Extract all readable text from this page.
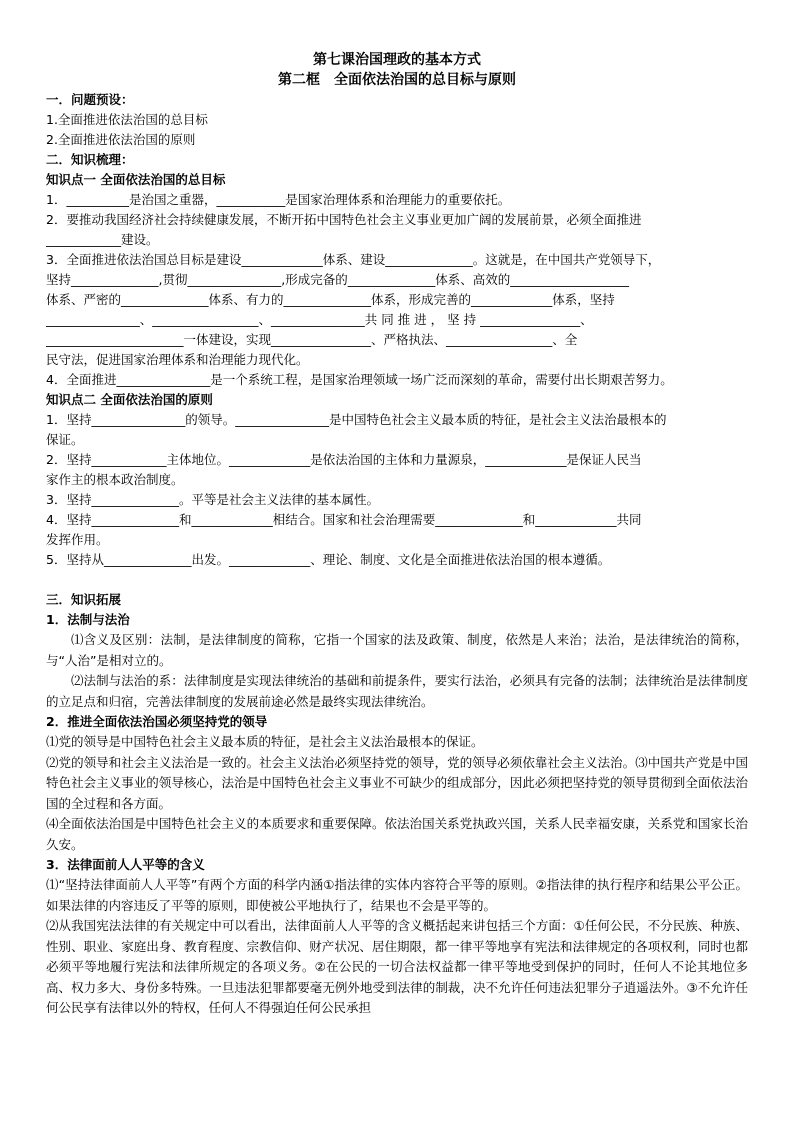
第七课治国理政的基本方式
第二框　全面依法治国的总目标与原则
一．问题预设：
1.全面推进依法治国的总目标
2.全面推进依法治国的原则
二．知识梳理：
知识点一 全面依法治国的总目标
1．__________是治国之重器，___________是国家治理体系和治理能力的重要依托。
2．要推动我国经济社会持续健康发展，不断开拓中国特色社会主义事业更加广阔的发展前景，必须全面推进
____________建设。
3．全面推进依法治国总目标是建设_____________体系、建设______________。这就是，在中国共产党领导下，
坚持______________,贯彻_______________,形成完备的______________体系、高效的___________________
体系、严密的______________体系、有力的______________体系，形成完善的_____________体系，坚持
_______________、_________________、_______________共 同 推 进 ， 坚 持 ________________、
______________________一体建设，实现________________、严格执法、_________________、全
民守法，促进国家治理体系和治理能力现代化。
4．全面推进_______________是一个系统工程，是国家治理领域一场广泛而深刻的革命，需要付出长期艰苦努力。
知识点二 全面依法治国的原则
1．坚持_______________的领导。_______________是中国特色社会主义最本质的特征，是社会主义法治最根本的
保证。
2．坚持____________主体地位。_____________是依法治国的主体和力量源泉，_____________是保证人民当
家作主的根本政治制度。
3．坚持______________。平等是社会主义法律的基本属性。
4．坚持______________和_____________相结合。国家和社会治理需要______________和_____________共同
发挥作用。
5．坚持从______________出发。_____________、理论、制度、文化是全面推进依法治国的根本遵循。
三．知识拓展
1．法制与法治
⑴含义及区别：法制，是法律制度的简称，它指一个国家的法及政策、制度，依然是人来治；法治，是法律统治的简称，与“人治”是相对立的。
⑵法制与法治的系：法律制度是实现法律统治的基础和前提条件，要实行法治，必须具有完备的法制；法律统治是法律制度的立足点和归宿，完善法律制度的发展前途必然是最终实现法律统治。
2．推进全面依法治国必须坚持党的领导
⑴党的领导是中国特色社会主义最本质的特征，是社会主义法治最根本的保证。
⑵党的领导和社会主义法治是一致的。社会主义法治必须坚持党的领导，党的领导必须依靠社会主义法治。⑶中国共产党是中国特色社会主义事业的领导核心，法治是中国特色社会主义事业不可缺少的组成部分，因此必须把坚持党的领导贯彻到全面依法治国的全过程和各方面。
⑷全面依法治国是中国特色社会主义的本质要求和重要保障。依法治国关系党执政兴国，关系人民幸福安康，关系党和国家长治久安。
3．法律面前人人平等的含义
⑴“坚持法律面前人人平等”有两个方面的科学内涵①指法律的实体内容符合平等的原则。②指法律的执行程序和结果公平公正。如果法律的内容违反了平等的原则，即使被公平地执行了，结果也不会是平等的。
⑵从我国宪法法律的有关规定中可以看出，法律面前人人平等的含义概括起来讲包括三个方面：①任何公民，不分民族、种族、性别、职业、家庭出身、教育程度、宗教信仰、财产状况、居住期限，都一律平等地享有宪法和法律规定的各项权利，同时也都必须平等地履行宪法和法律所规定的各项义务。②在公民的一切合法权益都一律平等地受到保护的同时，任何人不论其地位多高、权力多大、身份多特殊。一旦违法犯罪都要毫无例外地受到法律的制裁，决不允许任何违法犯罪分子逍遥法外。③不允许任何公民享有法律以外的特权，任何人不得强迫任何公民承担
